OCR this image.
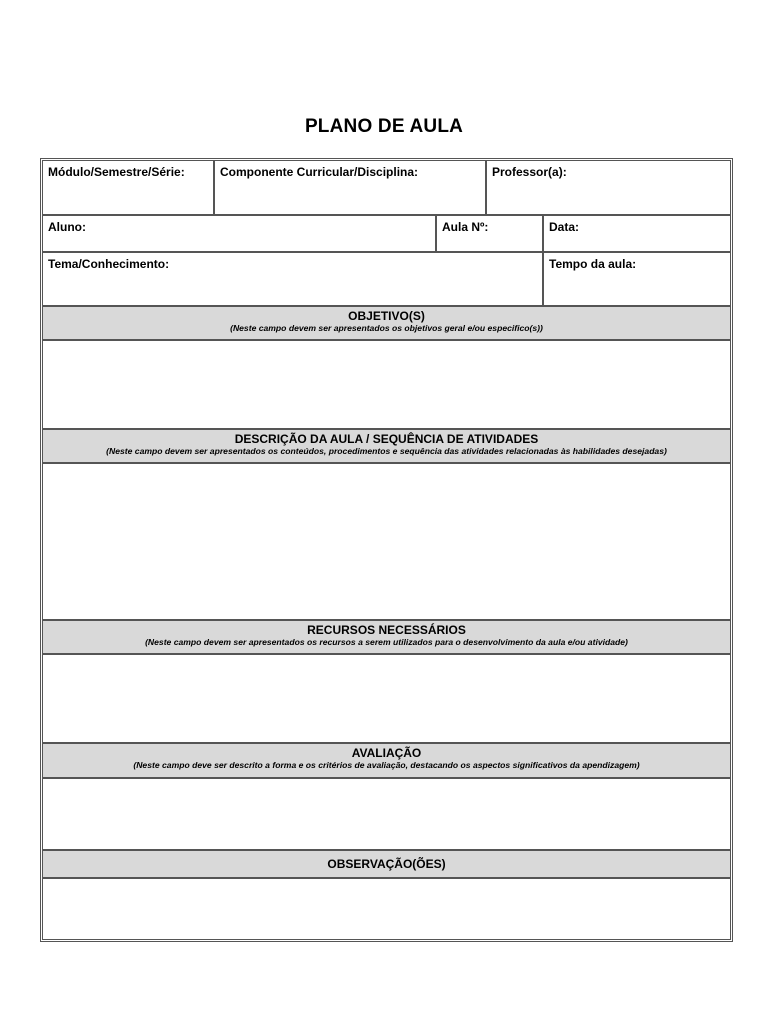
PLANO DE AULA
Módulo/Semestre/Série:	Componente Curricular/Disciplina:	Professor(a):
Aluno:	Aula Nº:	Data:
Tema/Conhecimento:	Tempo da aula:
OBJETIVO(S)
(Neste campo devem ser apresentados os objetivos geral e/ou especifico(s))
DESCRIÇÃO DA AULA / SEQUÊNCIA DE ATIVIDADES
(Neste campo devem ser apresentados os conteúdos, procedimentos e sequência das atividades relacionadas às habilidades desejadas)
RECURSOS NECESSÁRIOS
(Neste campo devem ser apresentados os recursos a serem utilizados para o desenvolvimento da aula e/ou atividade)
AVALIAÇÃO
(Neste campo deve ser descrito a forma e os critérios de avaliação, destacando os aspectos significativos da apendizagem)
OBSERVAÇÃO(ÕES)
